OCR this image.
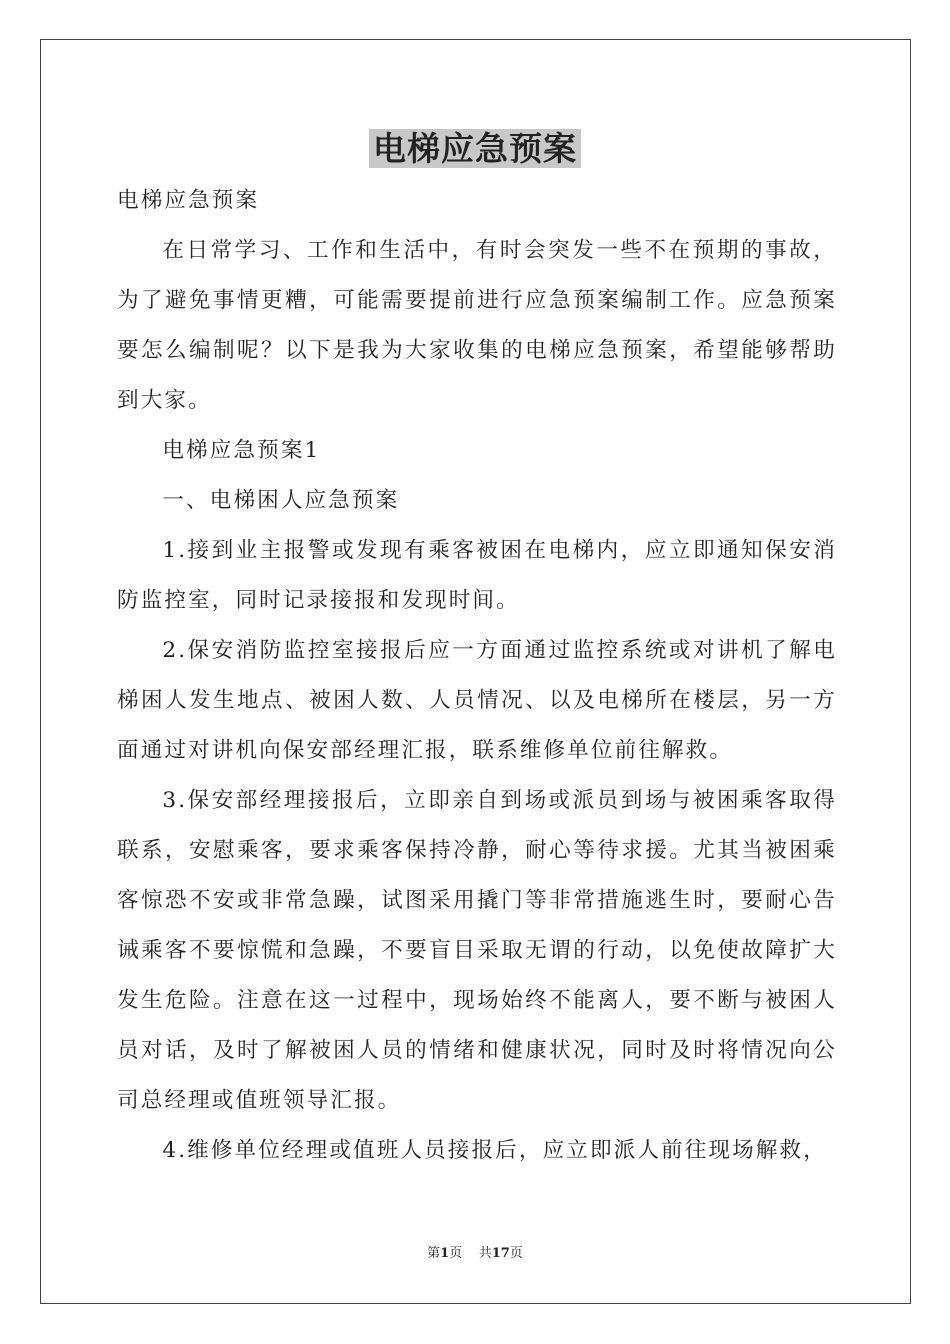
电梯应急预案

电梯应急预案

在日常学习、工作和生活中，有时会突发一些不在预期的事故，为了避免事情更糟，可能需要提前进行应急预案编制工作。应急预案要怎么编制呢？以下是我为大家收集的电梯应急预案，希望能够帮助到大家。

电梯应急预案1

一、电梯困人应急预案

1.接到业主报警或发现有乘客被困在电梯内，应立即通知保安消防监控室，同时记录接报和发现时间。

2.保安消防监控室接报后应一方面通过监控系统或对讲机了解电梯困人发生地点、被困人数、人员情况、以及电梯所在楼层，另一方面通过对讲机向保安部经理汇报，联系维修单位前往解救。

3.保安部经理接报后，立即亲自到场或派员到场与被困乘客取得联系，安慰乘客，要求乘客保持冷静，耐心等待求援。尤其当被困乘客惊恐不安或非常急躁，试图采用撬门等非常措施逃生时，要耐心告诫乘客不要惊慌和急躁，不要盲目采取无谓的行动，以免使故障扩大发生危险。注意在这一过程中，现场始终不能离人，要不断与被困人员对话，及时了解被困人员的情绪和健康状况，同时及时将情况向公司总经理或值班领导汇报。

4.维修单位经理或值班人员接报后，应立即派人前往现场解救，

第1页 共17页
